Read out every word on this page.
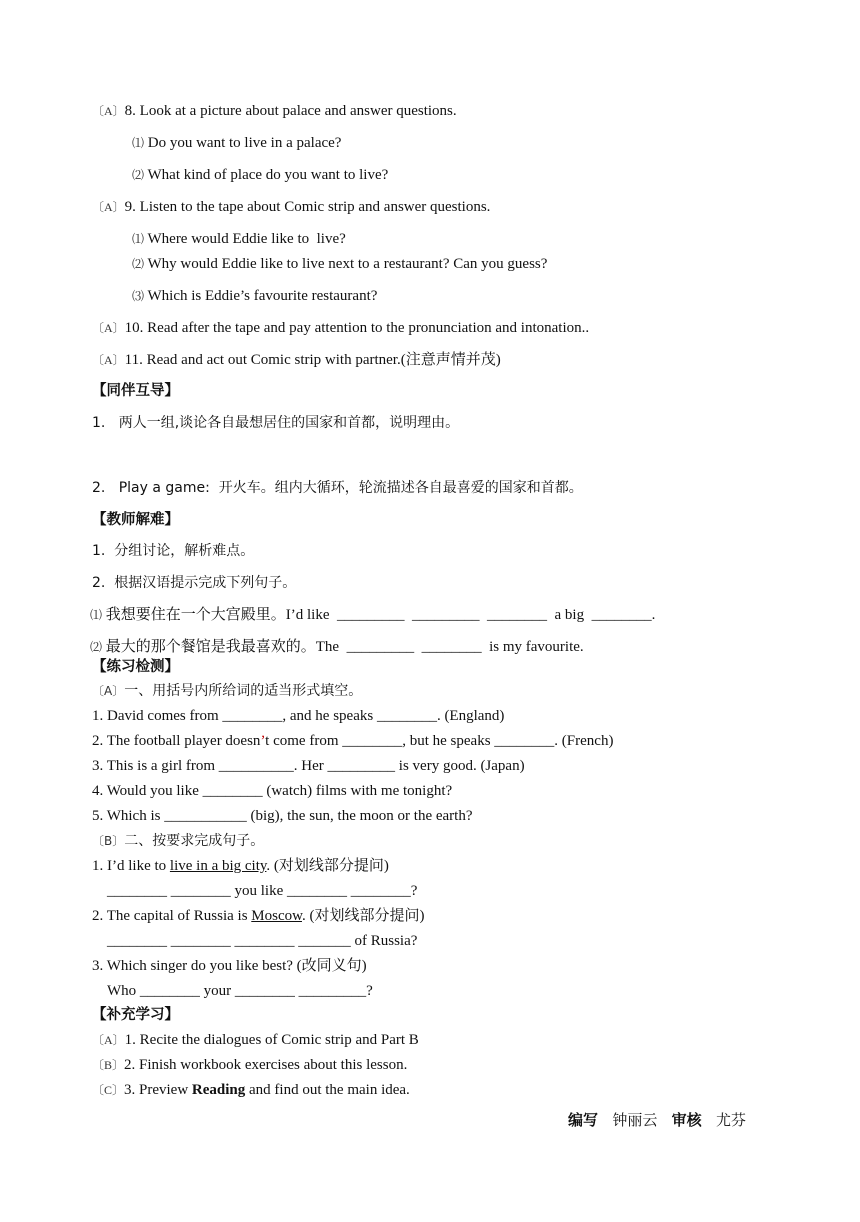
〔A〕8. Look at a picture about palace and answer questions.
⑴ Do you want to live in a palace?
⑵ What kind of place do you want to live?
〔A〕9. Listen to the tape about Comic strip and answer questions.
⑴ Where would Eddie like to  live?
⑵ Why would Eddie like to live next to a restaurant? Can you guess?
⑶ Which is Eddie’s favourite restaurant?
〔A〕10. Read after the tape and pay attention to the pronunciation and intonation..
〔A〕11. Read and act out Comic strip with partner.(注意声情并茂)
【同伴互导】
1.   两人一组,谈论各自最想居住的国家和首都，说明理由。
2.   Play a game:  开火车。组内大循环，轮流描述各自最喜爱的国家和首都。
【教师解难】
1.  分组讨论，解析难点。
2.  根据汉语提示完成下列句子。
⑴ 我想要住在一个大宫殿里。I’d like  _________  _________  ________  a big  ________.
⑵ 最大的那个餐馆是我最喜欢的。The  _________  ________  is my favourite.
【练习检测】
〔A〕一、用括号内所给词的适当形式填空。
1. David comes from ________, and he speaks ________. (England)
2. The football player doesn’t come from ________, but he speaks ________. (French)
3. This is a girl from __________. Her _________ is very good. (Japan)
4. Would you like ________ (watch) films with me tonight?
5. Which is ___________ (big), the sun, the moon or the earth?
〔B〕二、按要求完成句子。
1. I’d like to live in a big city. (对划线部分提问)
________ ________ you like ________ ________?
2. The capital of Russia is Moscow. (对划线部分提问)
________ ________ ________ _______ of Russia?
3. Which singer do you like best? (改同义句)
Who ________ your ________ _________?
【补充学习】
〔A〕1. Recite the dialogues of Comic strip and Part B
〔B〕2. Finish workbook exercises about this lesson.
〔C〕3. Preview Reading and find out the main idea.
编写 钟丽云 审核 尤芬
